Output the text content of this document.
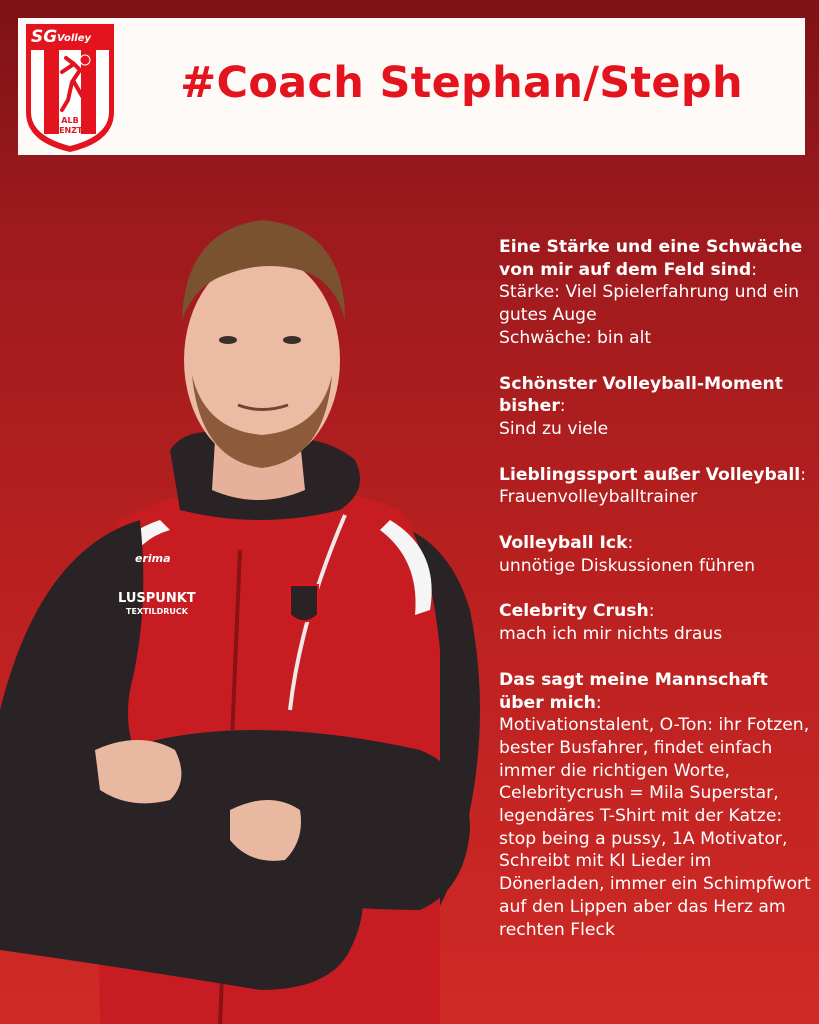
SG Volley
ALB
BRENZTAL
#Coach Stephan/Steph
erima
LUSPUNKT
TEXTILDRUCK
Eine Stärke und eine Schwäche von mir auf dem Feld sind:
Stärke: Viel Spielerfahrung und ein gutes Auge
Schwäche: bin alt
Schönster Volleyball-Moment bisher:
Sind zu viele
Lieblingssport außer Volleyball:
Frauenvolleyballtrainer
Volleyball Ick:
unnötige Diskussionen führen
Celebrity Crush:
mach ich mir nichts draus
Das sagt meine Mannschaft über mich:
Motivationstalent, O-Ton: ihr Fotzen, bester Busfahrer, findet einfach immer die richtigen Worte, Celebritycrush = Mila Superstar, legendäres T-Shirt mit der Katze: stop being a pussy, 1A Motivator, Schreibt mit KI Lieder im Dönerladen, immer ein Schimpfwort auf den Lippen aber das Herz am rechten Fleck
